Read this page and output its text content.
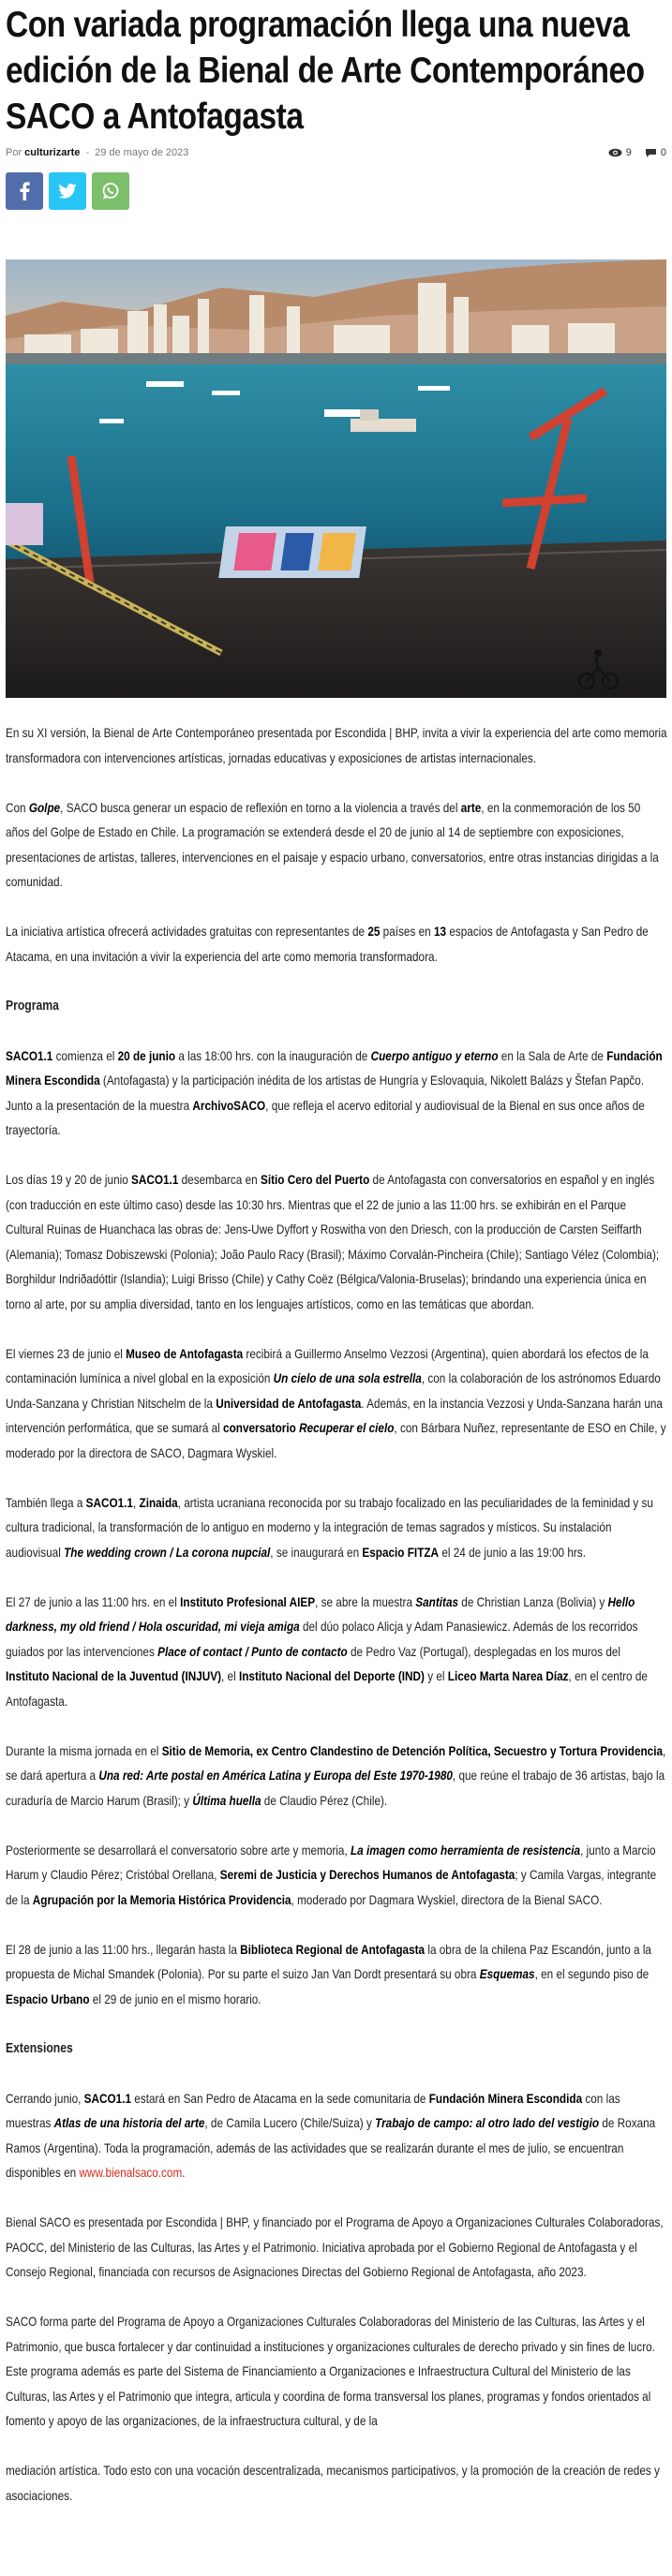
Con variada programación llega una nueva edición de la Bienal de Arte Contemporáneo SACO a Antofagasta
Por culturizarte - 29 de mayo de 2023	9	0

En su XI versión, la Bienal de Arte Contemporáneo presentada por Escondida | BHP, invita a vivir la experiencia del arte como memoria transformadora con intervenciones artísticas, jornadas educativas y exposiciones de artistas internacionales.

Con Golpe, SACO busca generar un espacio de reflexión en torno a la violencia a través del arte, en la conmemoración de los 50 años del Golpe de Estado en Chile. La programación se extenderá desde el 20 de junio al 14 de septiembre con exposiciones, presentaciones de artistas, talleres, intervenciones en el paisaje y espacio urbano, conversatorios, entre otras instancias dirigidas a la comunidad.

La iniciativa artística ofrecerá actividades gratuitas con representantes de 25 países en 13 espacios de Antofagasta y San Pedro de Atacama, en una invitación a vivir la experiencia del arte como memoria transformadora.

Programa

SACO1.1 comienza el 20 de junio a las 18:00 hrs. con la inauguración de Cuerpo antiguo y eterno en la Sala de Arte de Fundación Minera Escondida (Antofagasta) y la participación inédita de los artistas de Hungría y Eslovaquia, Nikolett Balázs y Štefan Papčo. Junto a la presentación de la muestra ArchivoSACO, que refleja el acervo editorial y audiovisual de la Bienal en sus once años de trayectoría.

Los días 19 y 20 de junio SACO1.1 desembarca en Sitio Cero del Puerto de Antofagasta con conversatorios en español y en inglés (con traducción en este último caso) desde las 10:30 hrs. Mientras que el 22 de junio a las 11:00 hrs. se exhibirán en el Parque Cultural Ruinas de Huanchaca las obras de: Jens-Uwe Dyffort y Roswitha von den Driesch, con la producción de Carsten Seiffarth (Alemania); Tomasz Dobiszewski (Polonia); João Paulo Racy (Brasil); Máximo Corvalán-Pincheira (Chile); Santiago Vélez (Colombia); Borghildur Indriðadóttir (Islandia); Luigi Brisso (Chile) y Cathy Coëz (Bélgica/Valonia-Bruselas); brindando una experiencia única en torno al arte, por su amplia diversidad, tanto en los lenguajes artísticos, como en las temáticas que abordan.

El viernes 23 de junio el Museo de Antofagasta recibirá a Guillermo Anselmo Vezzosi (Argentina), quien abordará los efectos de la contaminación lumínica a nivel global en la exposición Un cielo de una sola estrella, con la colaboración de los astrónomos Eduardo Unda-Sanzana y Christian Nitschelm de la Universidad de Antofagasta. Además, en la instancia Vezzosi y Unda-Sanzana harán una intervención performática, que se sumará al conversatorio Recuperar el cielo, con Bárbara Nuñez, representante de ESO en Chile, y moderado por la directora de SACO, Dagmara Wyskiel.

También llega a SACO1.1, Zinaida, artista ucraniana reconocida por su trabajo focalizado en las peculiaridades de la feminidad y su cultura tradicional, la transformación de lo antiguo en moderno y la integración de temas sagrados y místicos. Su instalación audiovisual The wedding crown / La corona nupcial, se inaugurará en Espacio FITZA el 24 de junio a las 19:00 hrs.

El 27 de junio a las 11:00 hrs. en el Instituto Profesional AIEP, se abre la muestra Santitas de Christian Lanza (Bolivia) y Hello darkness, my old friend / Hola oscuridad, mi vieja amiga del dúo polaco Alicja y Adam Panasiewicz. Además de los recorridos guiados por las intervenciones Place of contact / Punto de contacto de Pedro Vaz (Portugal), desplegadas en los muros del Instituto Nacional de la Juventud (INJUV), el Instituto Nacional del Deporte (IND) y el Liceo Marta Narea Díaz, en el centro de Antofagasta.

Durante la misma jornada en el Sitio de Memoria, ex Centro Clandestino de Detención Política, Secuestro y Tortura Providencia, se dará apertura a Una red: Arte postal en América Latina y Europa del Este 1970-1980, que reúne el trabajo de 36 artistas, bajo la curaduría de Marcio Harum (Brasil); y Última huella de Claudio Pérez (Chile).

Posteriormente se desarrollará el conversatorio sobre arte y memoria, La imagen como herramienta de resistencia, junto a Marcio Harum y Claudio Pérez; Cristóbal Orellana, Seremi de Justicia y Derechos Humanos de Antofagasta; y Camila Vargas, integrante de la Agrupación por la Memoria Histórica Providencia, moderado por Dagmara Wyskiel, directora de la Bienal SACO.

El 28 de junio a las 11:00 hrs., llegarán hasta la Biblioteca Regional de Antofagasta la obra de la chilena Paz Escandón, junto a la propuesta de Michal Smandek (Polonia). Por su parte el suizo Jan Van Dordt presentará su obra Esquemas, en el segundo piso de Espacio Urbano el 29 de junio en el mismo horario.

Extensiones

Cerrando junio, SACO1.1 estará en San Pedro de Atacama en la sede comunitaria de Fundación Minera Escondida con las muestras Atlas de una historia del arte, de Camila Lucero (Chile/Suiza) y Trabajo de campo: al otro lado del vestigio de Roxana Ramos (Argentina). Toda la programación, además de las actividades que se realizarán durante el mes de julio, se encuentran disponibles en www.bienalsaco.com.

Bienal SACO es presentada por Escondida | BHP, y financiado por el Programa de Apoyo a Organizaciones Culturales Colaboradoras, PAOCC, del Ministerio de las Culturas, las Artes y el Patrimonio. Iniciativa aprobada por el Gobierno Regional de Antofagasta y el Consejo Regional, financiada con recursos de Asignaciones Directas del Gobierno Regional de Antofagasta, año 2023.

SACO forma parte del Programa de Apoyo a Organizaciones Culturales Colaboradoras del Ministerio de las Culturas, las Artes y el Patrimonio, que busca fortalecer y dar continuidad a instituciones y organizaciones culturales de derecho privado y sin fines de lucro. Este programa además es parte del Sistema de Financiamiento a Organizaciones e Infraestructura Cultural del Ministerio de las Culturas, las Artes y el Patrimonio que integra, articula y coordina de forma transversal los planes, programas y fondos orientados al fomento y apoyo de las organizaciones, de la infraestructura cultural, y de la

mediación artística. Todo esto con una vocación descentralizada, mecanismos participativos, y la promoción de la creación de redes y asociaciones.
